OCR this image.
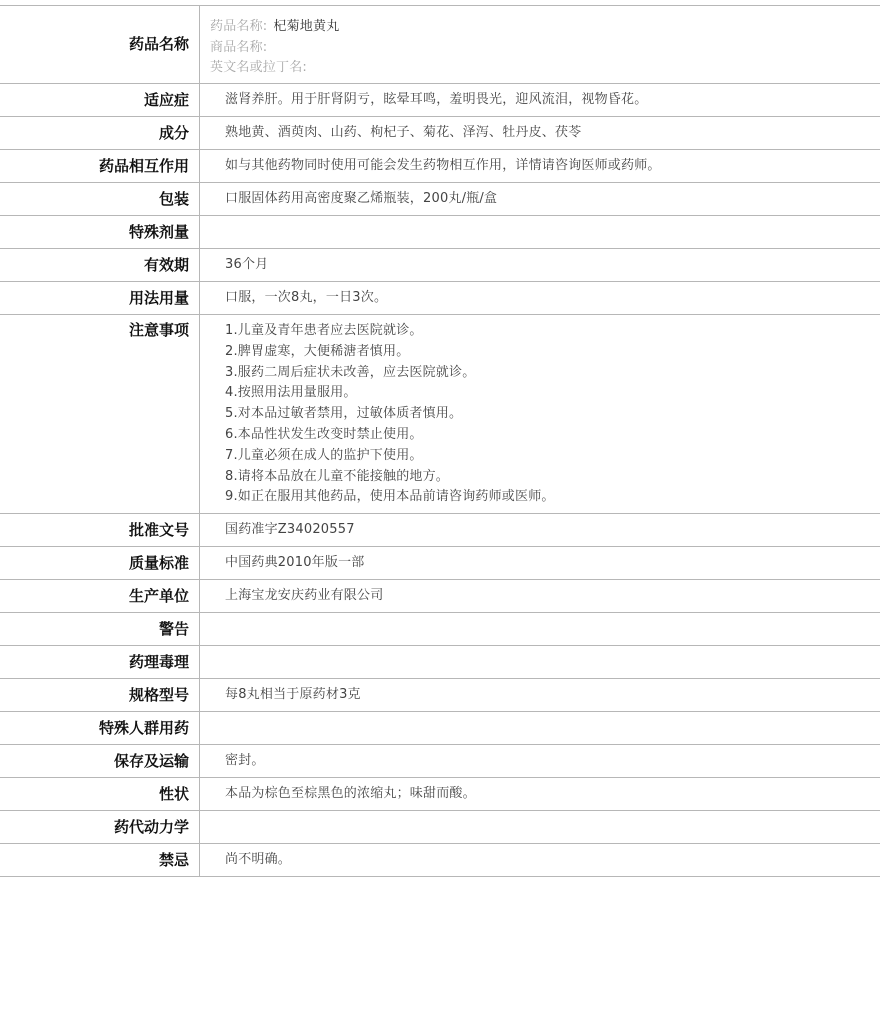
药品名称
药品名称: 杞菊地黄丸
商品名称:
英文名或拉丁名:
适应症	滋肾养肝。用于肝肾阴亏，眩晕耳鸣，羞明畏光，迎风流泪，视物昏花。
成分	熟地黄、酒萸肉、山药、枸杞子、菊花、泽泻、牡丹皮、茯苓
药品相互作用	如与其他药物同时使用可能会发生药物相互作用，详情请咨询医师或药师。
包装	口服固体药用高密度聚乙烯瓶装，200丸/瓶/盒
特殊剂量
有效期	36个月
用法用量	口服，一次8丸，一日3次。
注意事项	1.儿童及青年患者应去医院就诊。
2.脾胃虚寒，大便稀溏者慎用。
3.服药二周后症状未改善，应去医院就诊。
4.按照用法用量服用。
5.对本品过敏者禁用，过敏体质者慎用。
6.本品性状发生改变时禁止使用。
7.儿童必须在成人的监护下使用。
8.请将本品放在儿童不能接触的地方。
9.如正在服用其他药品，使用本品前请咨询药师或医师。
批准文号	国药准字Z34020557
质量标准	中国药典2010年版一部
生产单位	上海宝龙安庆药业有限公司
警告
药理毒理
规格型号	每8丸相当于原药材3克
特殊人群用药
保存及运输	密封。
性状	本品为棕色至棕黑色的浓缩丸；味甜而酸。
药代动力学
禁忌	尚不明确。
